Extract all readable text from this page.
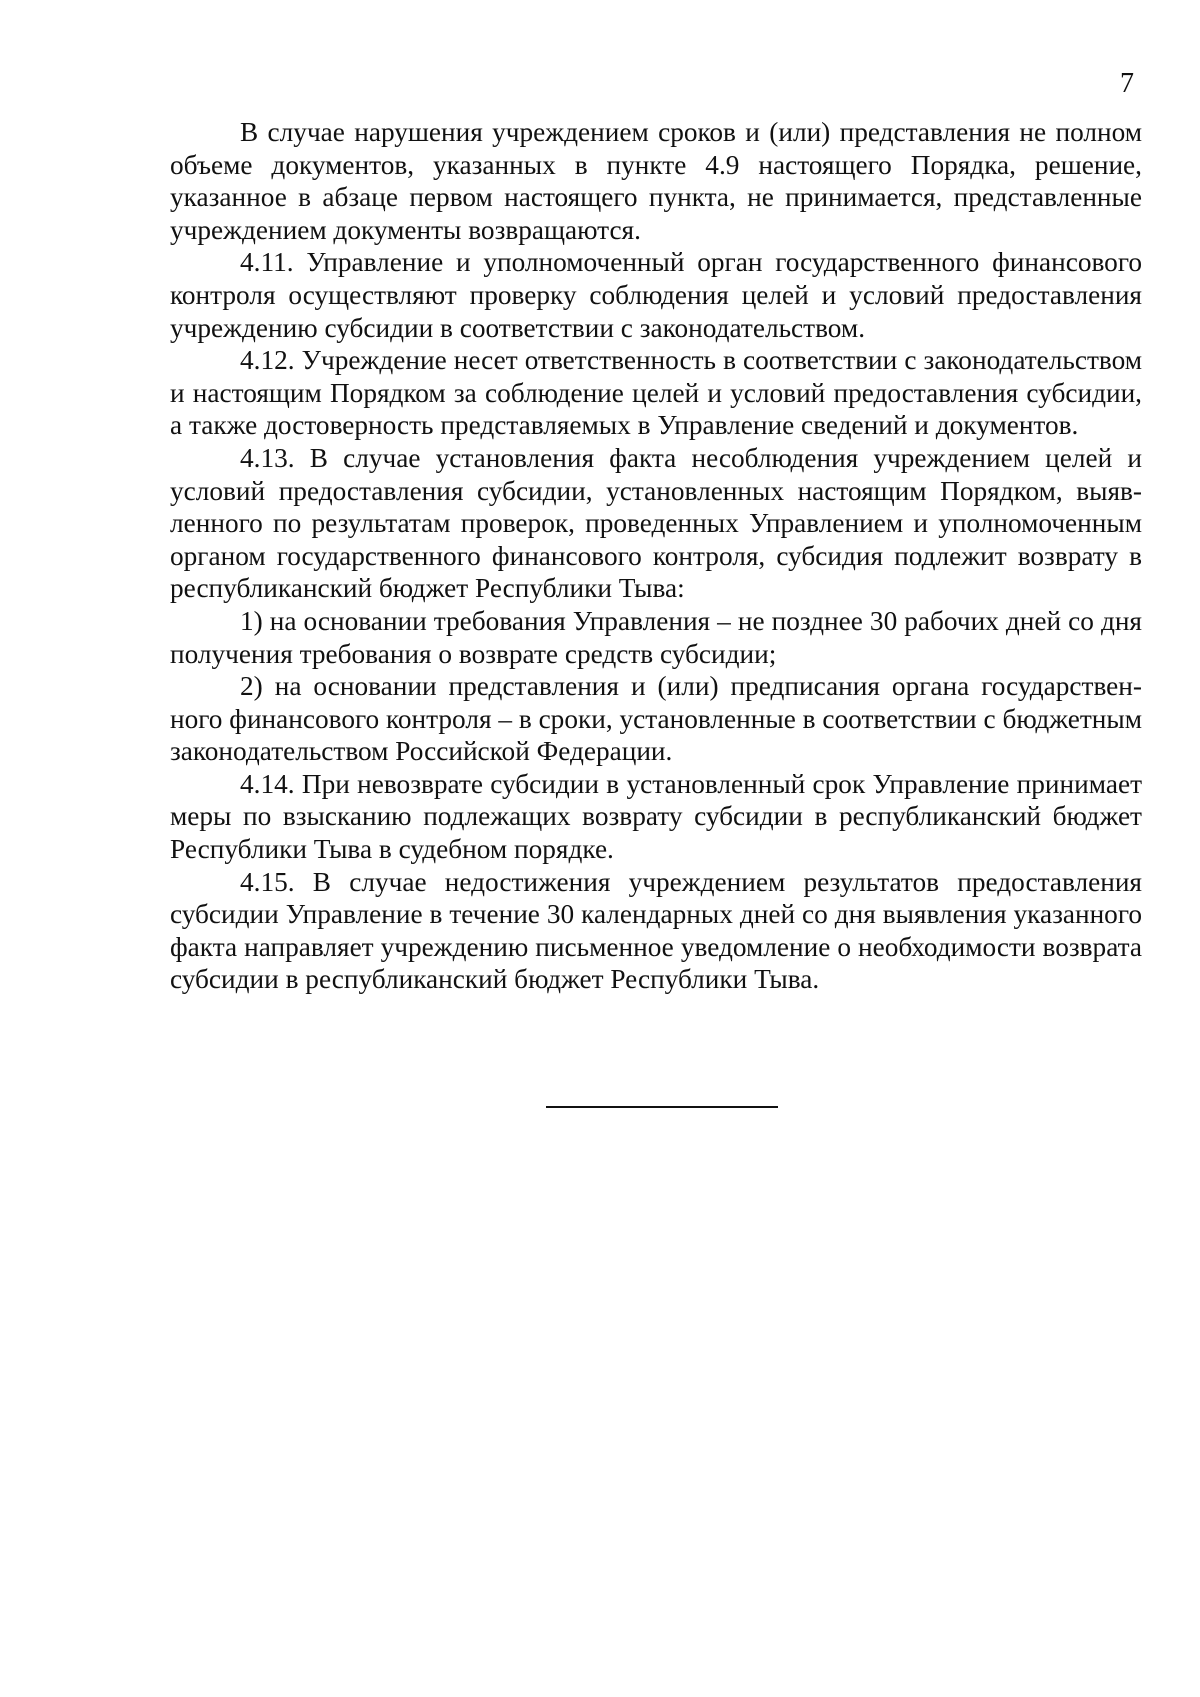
7

В случае нарушения учреждением сроков и (или) представления не полном объеме документов, указанных в пункте 4.9 настоящего Порядка, решение, указанное в абзаце первом настоящего пункта, не принимается, представленные учреждением документы возвращаются.

4.11. Управление и уполномоченный орган государственного финансового контроля осуществляют проверку соблюдения целей и условий предоставления учреждению субсидии в соответствии с законодательством.

4.12. Учреждение несет ответственность в соответствии с законодательством и настоящим Порядком за соблюдение целей и условий предоставления субсидии, а также достоверность представляемых в Управление сведений и документов.

4.13. В случае установления факта несоблюдения учреждением целей и условий предоставления субсидии, установленных настоящим Порядком, выявленного по результатам проверок, проведенных Управлением и уполномоченным органом государственного финансового контроля, субсидия подлежит возврату в республиканский бюджет Республики Тыва:

1) на основании требования Управления – не позднее 30 рабочих дней со дня получения требования о возврате средств субсидии;

2) на основании представления и (или) предписания органа государственного финансового контроля – в сроки, установленные в соответствии с бюджетным законодательством Российской Федерации.

4.14. При невозврате субсидии в установленный срок Управление принимает меры по взысканию подлежащих возврату субсидии в республиканский бюджет Республики Тыва в судебном порядке.

4.15. В случае недостижения учреждением результатов предоставления субсидии Управление в течение 30 календарных дней со дня выявления указанного факта направляет учреждению письменное уведомление о необходимости возврата субсидии в республиканский бюджет Республики Тыва.
